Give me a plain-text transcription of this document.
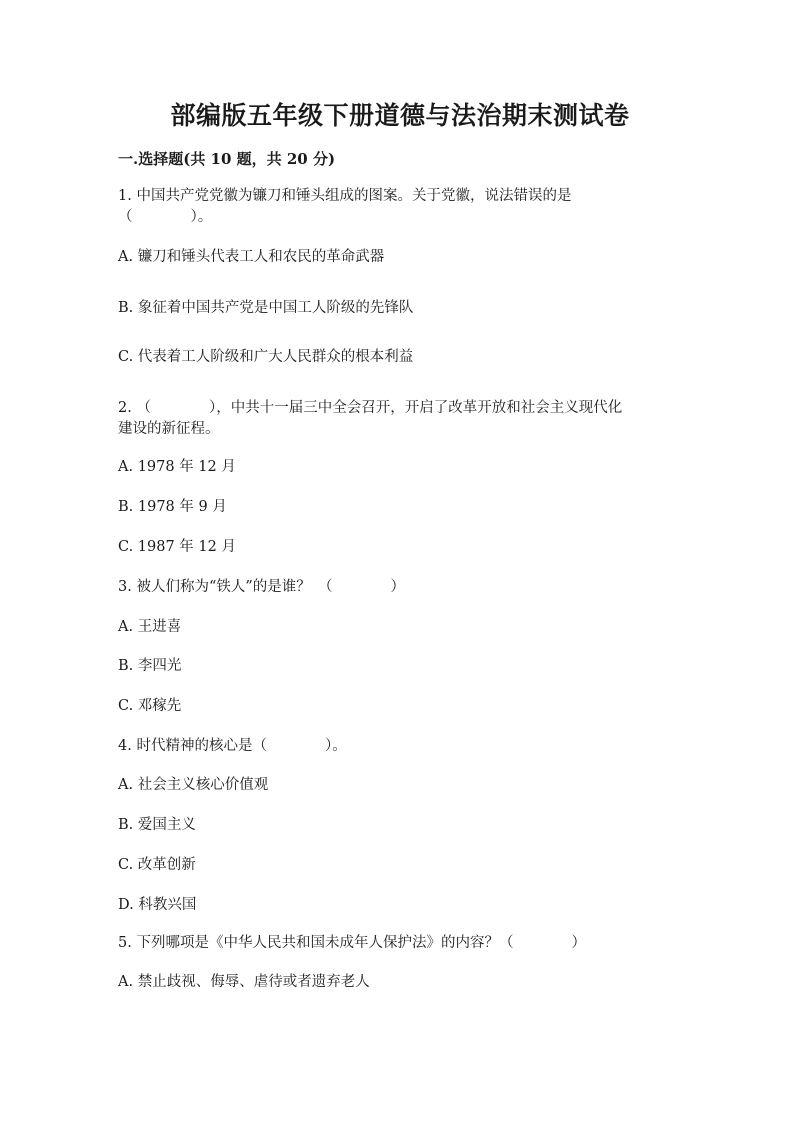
部编版五年级下册道德与法治期末测试卷
一.选择题(共 10 题，共 20 分)
1. 中国共产党党徽为镰刀和锤头组成的图案。关于党徽，说法错误的是
（　　　　）。
A. 镰刀和锤头代表工人和农民的革命武器
B. 象征着中国共产党是中国工人阶级的先锋队
C. 代表着工人阶级和广大人民群众的根本利益
2. （　　　　），中共十一届三中全会召开，开启了改革开放和社会主义现代化
建设的新征程。
A. 1978 年 12 月
B. 1978 年 9 月
C. 1987 年 12 月
3. 被人们称为“铁人”的是谁？　（　　　　）
A. 王进喜
B. 李四光
C. 邓稼先
4. 时代精神的核心是（　　　　）。
A. 社会主义核心价值观
B. 爱国主义
C. 改革创新
D. 科教兴国
5. 下列哪项是《中华人民共和国未成年人保护法》的内容？（　　　　）
A. 禁止歧视、侮辱、虐待或者遗弃老人
